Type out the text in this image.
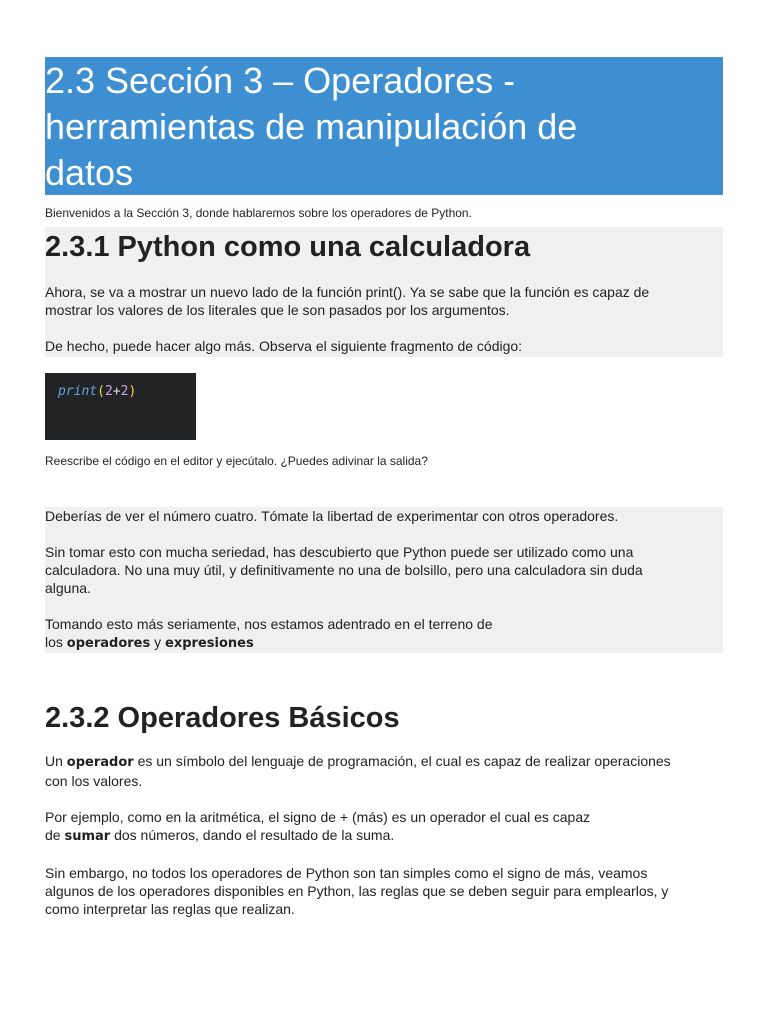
2.3 Sección 3 – Operadores -
herramientas de manipulación de
datos
Bienvenidos a la Sección 3, donde hablaremos sobre los operadores de Python.
2.3.1 Python como una calculadora
Ahora, se va a mostrar un nuevo lado de la función print(). Ya se sabe que la función es capaz de
mostrar los valores de los literales que le son pasados por los argumentos.
De hecho, puede hacer algo más. Observa el siguiente fragmento de código:
print(2+2)
Reescribe el código en el editor y ejecútalo. ¿Puedes adivinar la salida?
Deberías de ver el número cuatro. Tómate la libertad de experimentar con otros operadores.
Sin tomar esto con mucha seriedad, has descubierto que Python puede ser utilizado como una
calculadora. No una muy útil, y definitivamente no una de bolsillo, pero una calculadora sin duda
alguna.
Tomando esto más seriamente, nos estamos adentrado en el terreno de
los operadores y expresiones
2.3.2 Operadores Básicos
Un operador es un símbolo del lenguaje de programación, el cual es capaz de realizar operaciones
con los valores.
Por ejemplo, como en la aritmética, el signo de + (más) es un operador el cual es capaz
de sumar dos números, dando el resultado de la suma.
Sin embargo, no todos los operadores de Python son tan simples como el signo de más, veamos
algunos de los operadores disponibles en Python, las reglas que se deben seguir para emplearlos, y
como interpretar las reglas que realizan.
